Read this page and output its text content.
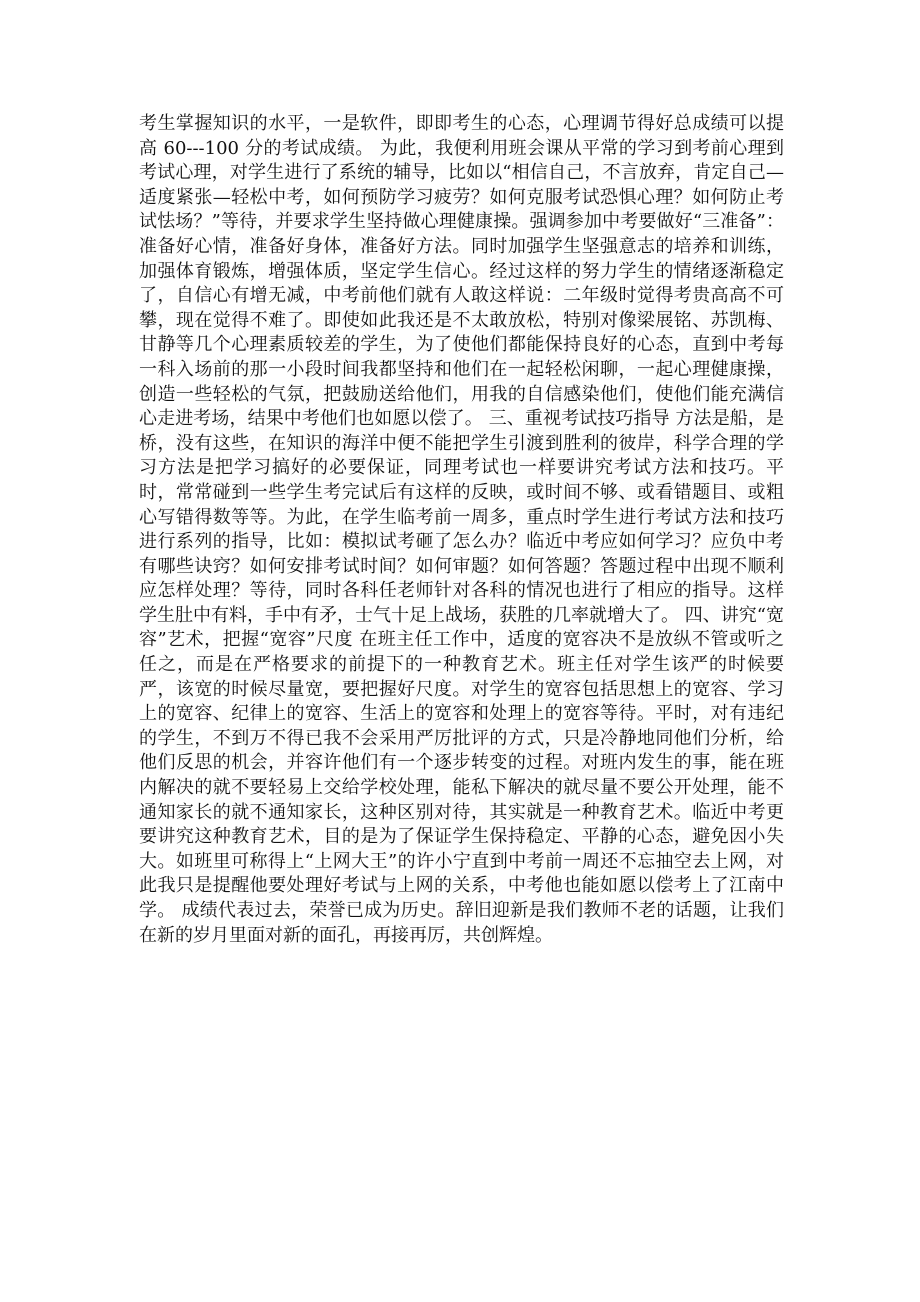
考生掌握知识的水平，一是软件，即即考生的心态，心理调节得好总成绩可以提高 60---100 分的考试成绩。 为此，我便利用班会课从平常的学习到考前心理到考试心理，对学生进行了系统的辅导，比如以“相信自己，不言放弃，肯定自己—适度紧张—轻松中考，如何预防学习疲劳？如何克服考试恐惧心理？如何防止考试怯场？”等待，并要求学生坚持做心理健康操。强调参加中考要做好“三准备”：准备好心情，准备好身体，准备好方法。同时加强学生坚强意志的培养和训练，加强体育锻炼，增强体质，坚定学生信心。经过这样的努力学生的情绪逐渐稳定了，自信心有增无减，中考前他们就有人敢这样说：二年级时觉得考贵高高不可攀，现在觉得不难了。即使如此我还是不太敢放松，特别对像梁展铭、苏凯梅、甘静等几个心理素质较差的学生，为了使他们都能保持良好的心态，直到中考每一科入场前的那一小段时间我都坚持和他们在一起轻松闲聊，一起心理健康操，创造一些轻松的气氛，把鼓励送给他们，用我的自信感染他们，使他们能充满信心走进考场，结果中考他们也如愿以偿了。 三、重视考试技巧指导 方法是船，是桥，没有这些，在知识的海洋中便不能把学生引渡到胜利的彼岸，科学合理的学习方法是把学习搞好的必要保证，同理考试也一样要讲究考试方法和技巧。平时，常常碰到一些学生考完试后有这样的反映，或时间不够、或看错题目、或粗心写错得数等等。为此，在学生临考前一周多，重点时学生进行考试方法和技巧进行系列的指导，比如：模拟试考砸了怎么办？临近中考应如何学习？应负中考有哪些诀窍？如何安排考试时间？如何审题？如何答题？答题过程中出现不顺利应怎样处理？等待，同时各科任老师针对各科的情况也进行了相应的指导。这样学生肚中有料，手中有矛，士气十足上战场，获胜的几率就增大了。 四、讲究“宽容”艺术，把握“宽容”尺度 在班主任工作中，适度的宽容决不是放纵不管或听之任之，而是在严格要求的前提下的一种教育艺术。班主任对学生该严的时候要严，该宽的时候尽量宽，要把握好尺度。对学生的宽容包括思想上的宽容、学习上的宽容、纪律上的宽容、生活上的宽容和处理上的宽容等待。平时，对有违纪的学生，不到万不得已我不会采用严厉批评的方式，只是冷静地同他们分析，给他们反思的机会，并容许他们有一个逐步转变的过程。对班内发生的事，能在班内解决的就不要轻易上交给学校处理，能私下解决的就尽量不要公开处理，能不通知家长的就不通知家长，这种区别对待，其实就是一种教育艺术。临近中考更要讲究这种教育艺术，目的是为了保证学生保持稳定、平静的心态，避免因小失大。如班里可称得上“上网大王”的许小宁直到中考前一周还不忘抽空去上网，对此我只是提醒他要处理好考试与上网的关系，中考他也能如愿以偿考上了江南中学。 成绩代表过去，荣誉已成为历史。辞旧迎新是我们教师不老的话题，让我们在新的岁月里面对新的面孔，再接再厉，共创辉煌。
